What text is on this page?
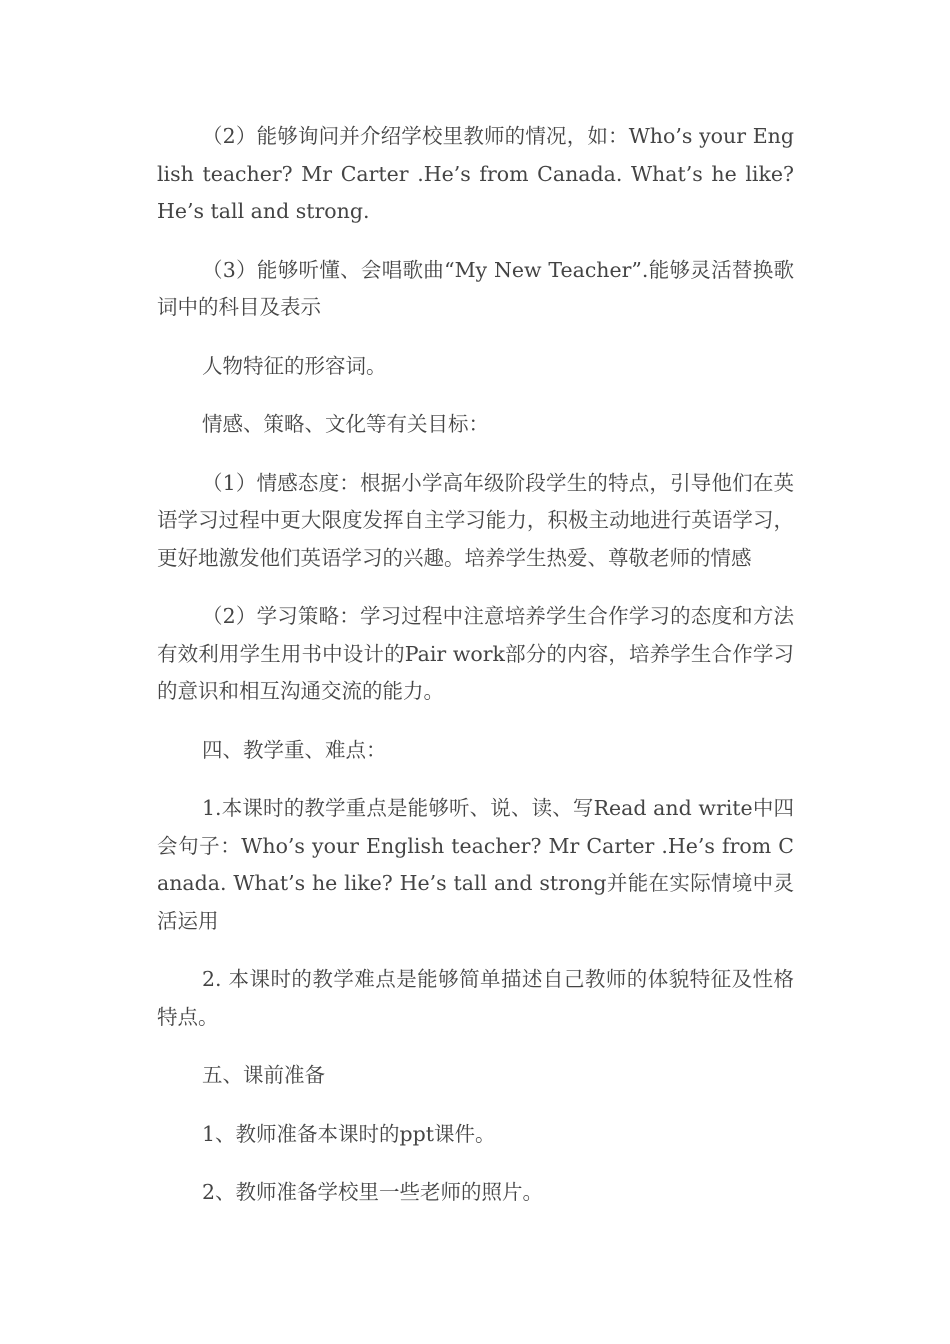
（2）能够询问并介绍学校里教师的情况，如：Who’s your English teacher? Mr Carter .He’s from Canada. What’s he like? He’s tall and strong.

（3）能够听懂、会唱歌曲“My New Teacher”.能够灵活替换歌词中的科目及表示

人物特征的形容词。

情感、策略、文化等有关目标：

（1）情感态度：根据小学高年级阶段学生的特点，引导他们在英语学习过程中更大限度发挥自主学习能力，积极主动地进行英语学习，更好地激发他们英语学习的兴趣。培养学生热爱、尊敬老师的情感

（2）学习策略：学习过程中注意培养学生合作学习的态度和方法有效利用学生用书中设计的Pair work部分的内容，培养学生合作学习的意识和相互沟通交流的能力。

四、教学重、难点：

1.本课时的教学重点是能够听、说、读、写Read and write中四会句子：Who’s your English teacher? Mr Carter .He’s from Canada. What’s he like? He’s tall and strong并能在实际情境中灵活运用

2. 本课时的教学难点是能够简单描述自己教师的体貌特征及性格特点。

五、课前准备

1、教师准备本课时的ppt课件。

2、教师准备学校里一些老师的照片。
